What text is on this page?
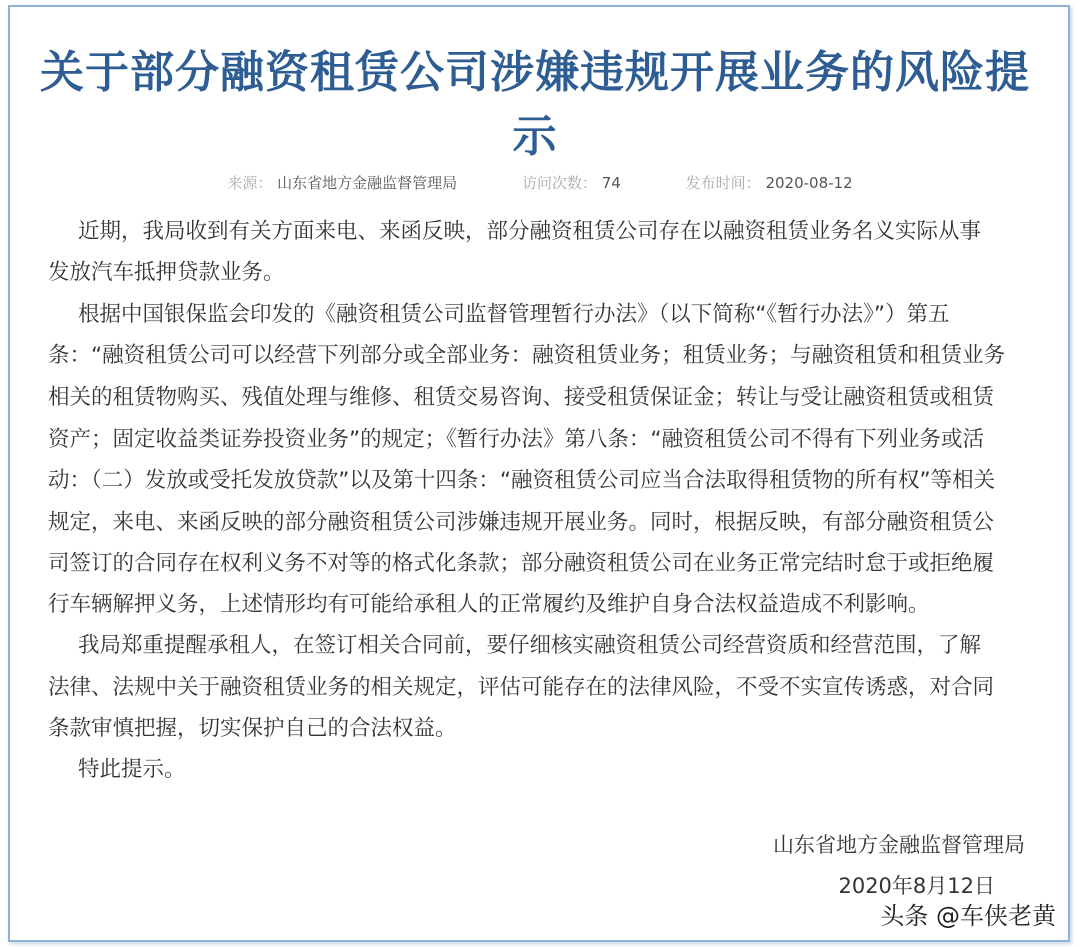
关于部分融资租赁公司涉嫌违规开展业务的风险提
示
来源： 山东省地方金融监督管理局	访问次数： 74	发布时间： 2020-08-12
近期，我局收到有关方面来电、来函反映，部分融资租赁公司存在以融资租赁业务名义实际从事
发放汽车抵押贷款业务。
根据中国银保监会印发的《融资租赁公司监督管理暂行办法》（以下简称“《暂行办法》”）第五
条：“融资租赁公司可以经营下列部分或全部业务：融资租赁业务；租赁业务；与融资租赁和租赁业务
相关的租赁物购买、残值处理与维修、租赁交易咨询、接受租赁保证金；转让与受让融资租赁或租赁
资产；固定收益类证券投资业务”的规定；《暂行办法》第八条：“融资租赁公司不得有下列业务或活
动：（二）发放或受托发放贷款”以及第十四条：“融资租赁公司应当合法取得租赁物的所有权”等相关
规定，来电、来函反映的部分融资租赁公司涉嫌违规开展业务。同时，根据反映，有部分融资租赁公
司签订的合同存在权利义务不对等的格式化条款；部分融资租赁公司在业务正常完结时怠于或拒绝履
行车辆解押义务，上述情形均有可能给承租人的正常履约及维护自身合法权益造成不利影响。
我局郑重提醒承租人，在签订相关合同前，要仔细核实融资租赁公司经营资质和经营范围，了解
法律、法规中关于融资租赁业务的相关规定，评估可能存在的法律风险，不受不实宣传诱惑，对合同
条款审慎把握，切实保护自己的合法权益。
特此提示。
山东省地方金融监督管理局
2020年8月12日
头条 @车侠老黄
